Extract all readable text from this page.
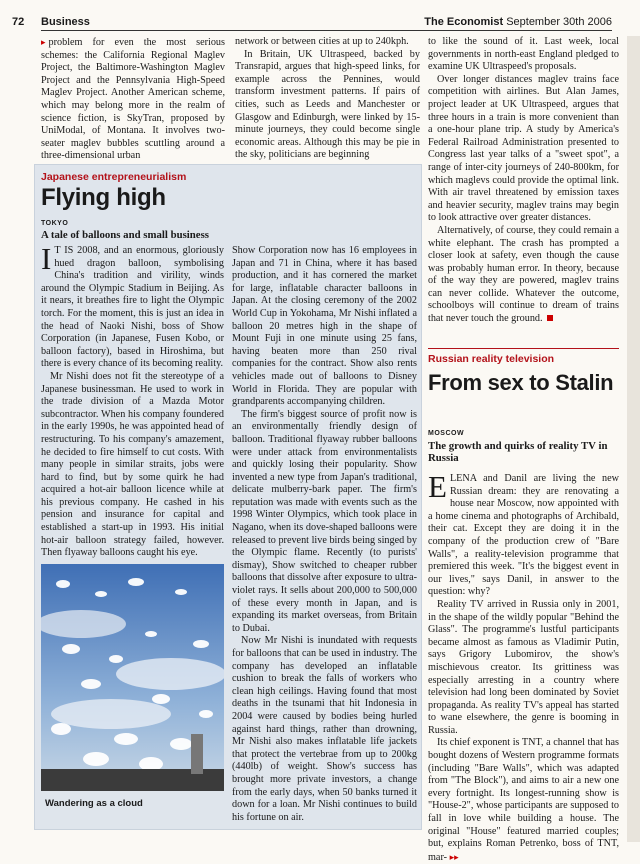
72 Business	The Economist September 30th 2006

▸ problem for even the most serious schemes: the California Regional Maglev Project, the Baltimore-Washington Maglev Project and the Pennsylvania High-Speed Maglev Project. Another American scheme, which may belong more in the realm of science fiction, is SkyTran, proposed by UniModal, of Montana. It involves two-seater maglev bubbles scuttling around a three-dimensional urban

network or between cities at up to 240kph.

In Britain, UK Ultraspeed, backed by Transrapid, argues that high-speed links, for example across the Pennines, would transform investment patterns. If pairs of cities, such as Leeds and Manchester or Glasgow and Edinburgh, were linked by 15-minute journeys, they could become single economic areas. Although this may be pie in the sky, politicians are beginning

to like the sound of it. Last week, local governments in north-east England pledged to examine UK Ultraspeed's proposals.

Over longer distances maglev trains face competition with airlines. But Alan James, project leader at UK Ultraspeed, argues that three hours in a train is more convenient than a one-hour plane trip. A study by America's Federal Railroad Administration presented to Congress last year talks of a "sweet spot", a range of inter-city journeys of 240-800km, for which maglevs could provide the optimal link. With air travel threatened by emission taxes and heavier security, maglev trains may begin to look attractive over greater distances.

Alternatively, of course, they could remain a white elephant. The crash has prompted a closer look at safety, even though the cause was probably human error. In theory, because of the way they are powered, maglev trains can never collide. Whatever the outcome, schoolboys will continue to dream of trains that never touch the ground.

Japanese entrepreneurialism
Flying high
TOKYO
A tale of balloons and small business

I T IS 2008, and an enormous, gloriously hued dragon balloon, symbolising China's tradition and virility, winds around the Olympic Stadium in Beijing. As it nears, it breathes fire to light the Olympic torch. For the moment, this is just an idea in the head of Naoki Nishi, boss of Show Corporation (in Japanese, Fusen Kobo, or balloon factory), based in Hiroshima, but there is every chance of its becoming reality.

Mr Nishi does not fit the stereotype of a Japanese businessman. He used to work in the trade division of a Mazda Motor subcontractor. When his company foundered in the early 1990s, he was appointed head of restructuring. To his company's amazement, he decided to fire himself to cut costs. With many people in similar straits, jobs were hard to find, but by some quirk he had acquired a hot-air balloon licence while at his previous company. He cashed in his pension and insurance for capital and established a start-up in 1993. His initial hot-air balloon strategy failed, however. Then flyaway balloons caught his eye.

Show Corporation now has 16 employees in Japan and 71 in China, where it has based production, and it has cornered the market for large, inflatable character balloons in Japan. At the closing ceremony of the 2002 World Cup in Yokohama, Mr Nishi inflated a balloon 20 metres high in the shape of Mount Fuji in one minute using 25 fans, having beaten more than 250 rival companies for the contract. Show also rents vehicles made out of balloons to Disney World in Florida. They are popular with grandparents accompanying children.

The firm's biggest source of profit now is an environmentally friendly design of balloon. Traditional flyaway rubber balloons were under attack from environmentalists and quickly losing their popularity. Show invented a new type from Japan's traditional, delicate mulberry-bark paper. The firm's reputation was made with events such as the 1998 Winter Olympics, which took place in Nagano, when its dove-shaped balloons were released to prevent live birds being singed by the Olympic flame. Recently (to purists' dismay), Show switched to cheaper rubber balloons that dissolve after exposure to ultra-violet rays. It sells about 200,000 to 500,000 of these every month in Japan, and is expanding its market overseas, from Britain to Dubai.

Now Mr Nishi is inundated with requests for balloons that can be used in industry. The company has developed an inflatable cushion to break the falls of workers who clean high ceilings. Having found that most deaths in the tsunami that hit Indonesia in 2004 were caused by bodies being hurled against hard things, rather than drowning, Mr Nishi also makes inflatable life jackets that protect the vertebrae from up to 200kg (440lb) of weight. Show's success has brought more private investors, a change from the early days, when 50 banks turned it down for a loan. Mr Nishi continues to build his fortune on air.

Wandering as a cloud
Russian reality television
From sex to Stalin
MOSCOW
The growth and quirks of reality TV in Russia

ELENA and Danil are living the new Russian dream: they are renovating a house near Moscow, now appointed with a home cinema and photographs of Archibald, their cat. Except they are doing it in the company of the production crew of "Bare Walls", a reality-television programme that premiered this week. "It's the biggest event in our lives," says Danil, in answer to the question: why?

Reality TV arrived in Russia only in 2001, in the shape of the wildly popular "Behind the Glass". The programme's lustful participants became almost as famous as Vladimir Putin, says Grigory Lubomirov, the show's mischievous creator. Its grittiness was especially arresting in a country where television had long been dominated by Soviet propaganda. As reality TV's appeal has started to wane elsewhere, the genre is booming in Russia.

Its chief exponent is TNT, a channel that has bought dozens of Western programme formats (including "Bare Walls", which was adapted from "The Block"), and aims to air a new one every fortnight. Its longest-running show is "House-2", whose participants are supposed to fall in love while building a house. The original "House" featured married couples; but, explains Roman Petrenko, boss of TNT, mar- ▸▸
